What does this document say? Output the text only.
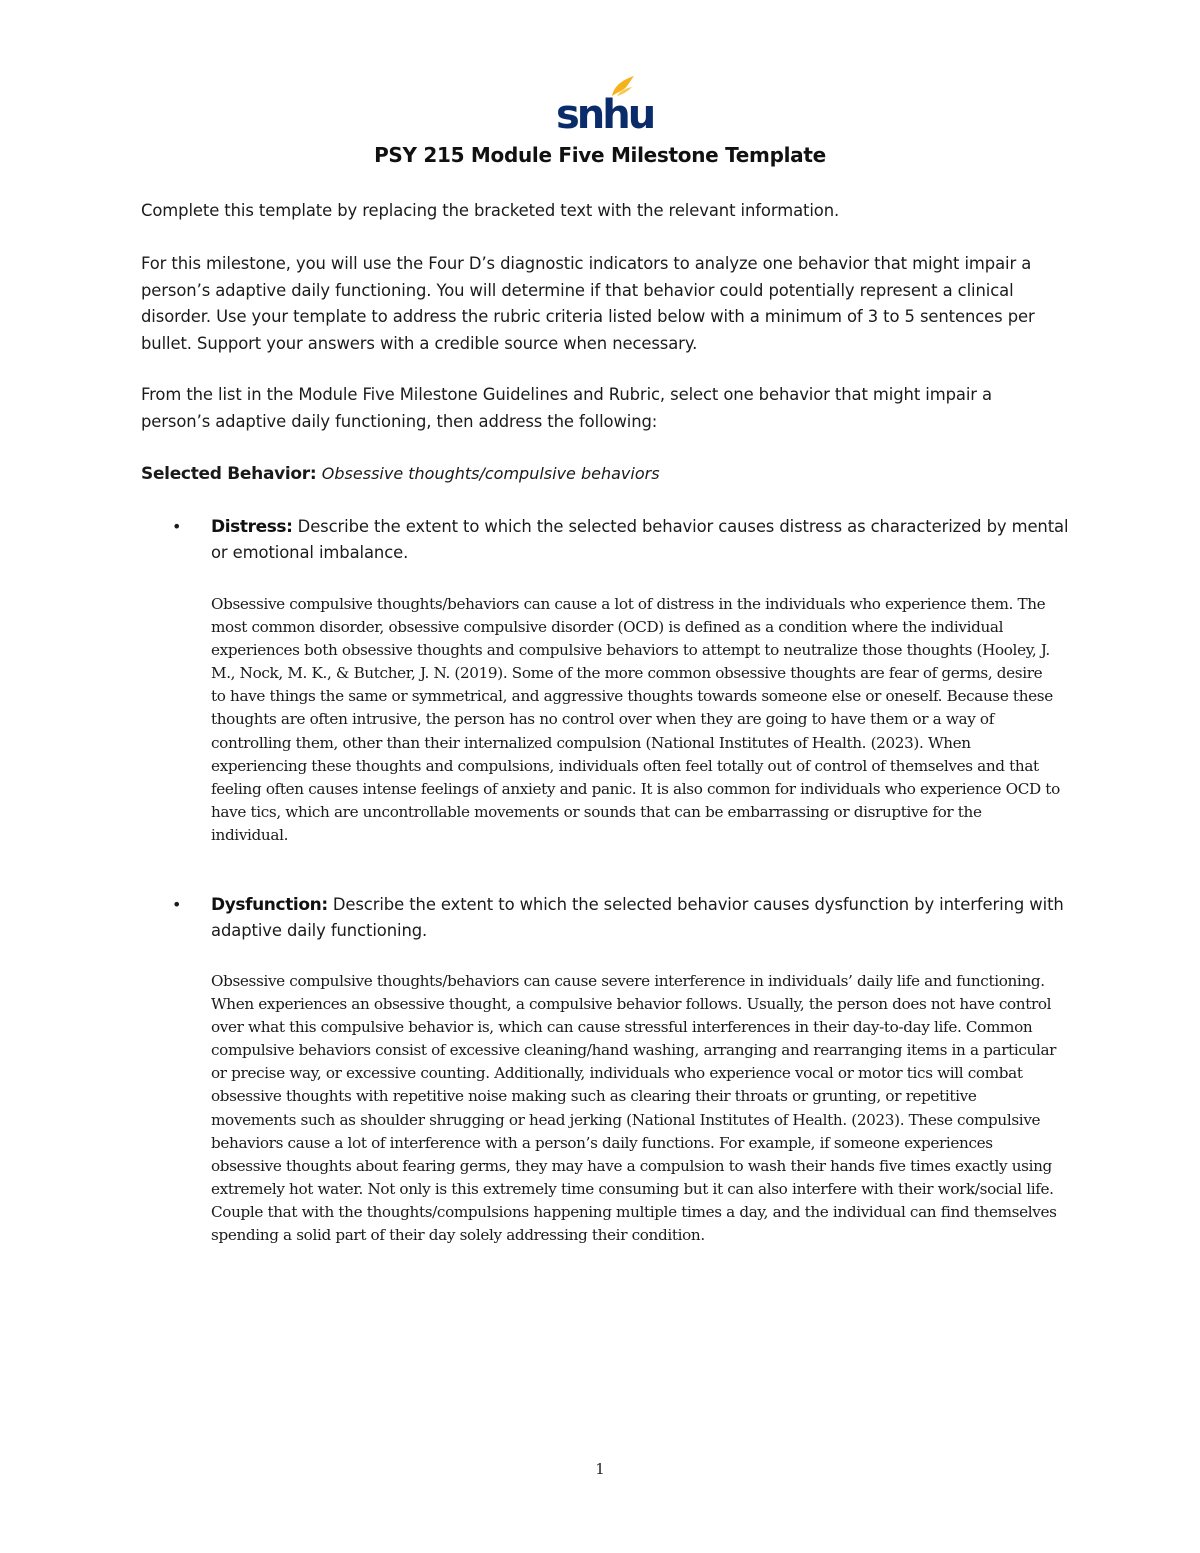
snhu
PSY 215 Module Five Milestone Template
Complete this template by replacing the bracketed text with the relevant information.
For this milestone, you will use the Four D’s diagnostic indicators to analyze one behavior that might impair a person’s adaptive daily functioning. You will determine if that behavior could potentially represent a clinical disorder. Use your template to address the rubric criteria listed below with a minimum of 3 to 5 sentences per bullet. Support your answers with a credible source when necessary.
From the list in the Module Five Milestone Guidelines and Rubric, select one behavior that might impair a person’s adaptive daily functioning, then address the following:
Selected Behavior: Obsessive thoughts/compulsive behaviors
• Distress: Describe the extent to which the selected behavior causes distress as characterized by mental or emotional imbalance.
Obsessive compulsive thoughts/behaviors can cause a lot of distress in the individuals who experience them. The most common disorder, obsessive compulsive disorder (OCD) is defined as a condition where the individual experiences both obsessive thoughts and compulsive behaviors to attempt to neutralize those thoughts (Hooley, J. M., Nock, M. K., & Butcher, J. N. (2019). Some of the more common obsessive thoughts are fear of germs, desire to have things the same or symmetrical, and aggressive thoughts towards someone else or oneself. Because these thoughts are often intrusive, the person has no control over when they are going to have them or a way of controlling them, other than their internalized compulsion (National Institutes of Health. (2023). When experiencing these thoughts and compulsions, individuals often feel totally out of control of themselves and that feeling often causes intense feelings of anxiety and panic. It is also common for individuals who experience OCD to have tics, which are uncontrollable movements or sounds that can be embarrassing or disruptive for the individual.
• Dysfunction: Describe the extent to which the selected behavior causes dysfunction by interfering with adaptive daily functioning.
Obsessive compulsive thoughts/behaviors can cause severe interference in individuals’ daily life and functioning. When experiences an obsessive thought, a compulsive behavior follows. Usually, the person does not have control over what this compulsive behavior is, which can cause stressful interferences in their day-to-day life. Common compulsive behaviors consist of excessive cleaning/hand washing, arranging and rearranging items in a particular or precise way, or excessive counting. Additionally, individuals who experience vocal or motor tics will combat obsessive thoughts with repetitive noise making such as clearing their throats or grunting, or repetitive movements such as shoulder shrugging or head jerking (National Institutes of Health. (2023). These compulsive behaviors cause a lot of interference with a person’s daily functions. For example, if someone experiences obsessive thoughts about fearing germs, they may have a compulsion to wash their hands five times exactly using extremely hot water. Not only is this extremely time consuming but it can also interfere with their work/social life. Couple that with the thoughts/compulsions happening multiple times a day, and the individual can find themselves spending a solid part of their day solely addressing their condition.
1
